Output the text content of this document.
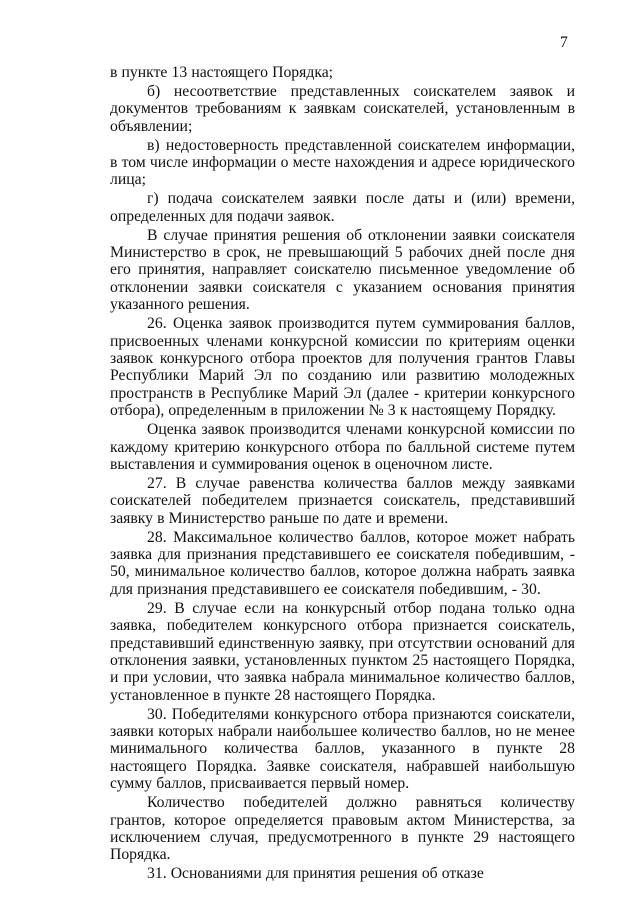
7

в пункте 13 настоящего Порядка;

б) несоответствие представленных соискателем заявок и документов требованиям к заявкам соискателей, установленным в объявлении;

в) недостоверность представленной соискателем информации, в том числе информации о месте нахождения и адресе юридического лица;

г) подача соискателем заявки после даты и (или) времени, определенных для подачи заявок.

В случае принятия решения об отклонении заявки соискателя Министерство в срок, не превышающий 5 рабочих дней после дня его принятия, направляет соискателю письменное уведомление об отклонении заявки соискателя с указанием основания принятия указанного решения.

26. Оценка заявок производится путем суммирования баллов, присвоенных членами конкурсной комиссии по критериям оценки заявок конкурсного отбора проектов для получения грантов Главы Республики Марий Эл по созданию или развитию молодежных пространств в Республике Марий Эл (далее - критерии конкурсного отбора), определенным в приложении № 3 к настоящему Порядку.

Оценка заявок производится членами конкурсной комиссии по каждому критерию конкурсного отбора по балльной системе путем выставления и суммирования оценок в оценочном листе.

27. В случае равенства количества баллов между заявками соискателей победителем признается соискатель, представивший заявку в Министерство раньше по дате и времени.

28. Максимальное количество баллов, которое может набрать заявка для признания представившего ее соискателя победившим, - 50, минимальное количество баллов, которое должна набрать заявка для признания представившего ее соискателя победившим, - 30.

29. В случае если на конкурсный отбор подана только одна заявка, победителем конкурсного отбора признается соискатель, представивший единственную заявку, при отсутствии оснований для отклонения заявки, установленных пунктом 25 настоящего Порядка, и при условии, что заявка набрала минимальное количество баллов, установленное в пункте 28 настоящего Порядка.

30. Победителями конкурсного отбора признаются соискатели, заявки которых набрали наибольшее количество баллов, но не менее минимального количества баллов, указанного в пункте 28 настоящего Порядка. Заявке соискателя, набравшей наибольшую сумму баллов, присваивается первый номер.

Количество победителей должно равняться количеству грантов, которое определяется правовым актом Министерства, за исключением случая, предусмотренного в пункте 29 настоящего Порядка.

31. Основаниями для принятия решения об отказе
